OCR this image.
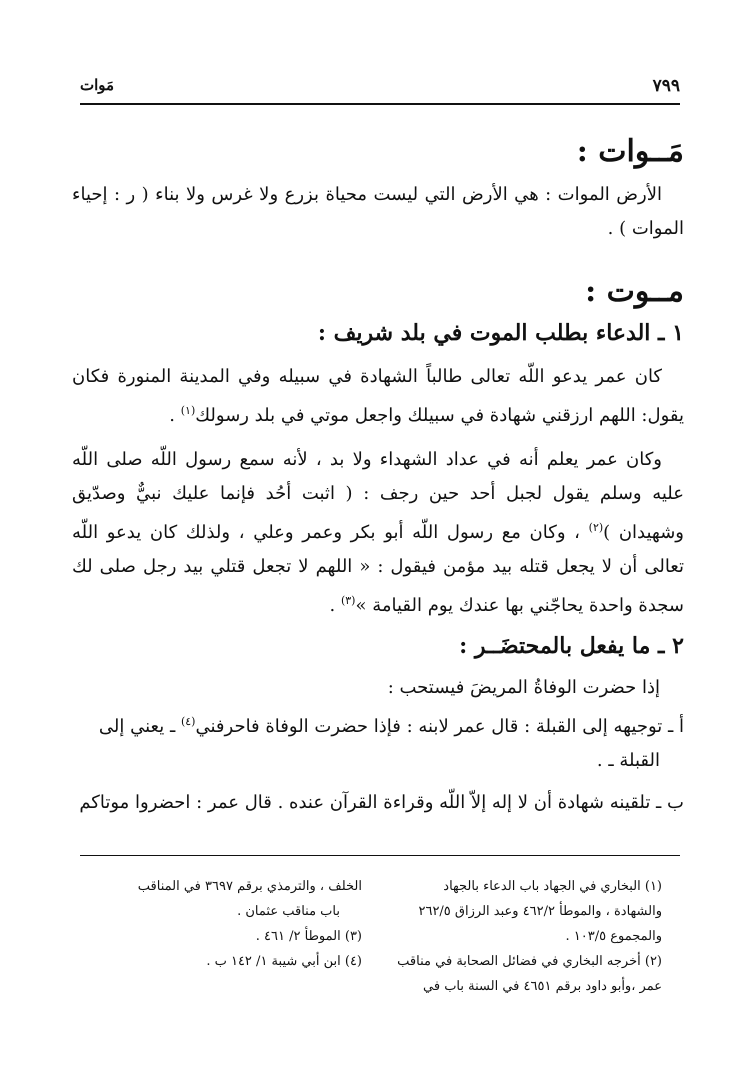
٧٩٩
مَوات
مَــوات :

الأرض الموات : هي الأرض التي ليست محياة بزرع ولا غرس ولا بناء ( ر : إحياء الموات ) .

مــوت :
١ ـ الدعاء بطلب الموت في بلد شريف :

كان عمر يدعو اللّه تعالى طالباً الشهادة في سبيله وفي المدينة المنورة فكان يقول: اللهم ارزقني شهادة في سبيلك واجعل موتي في بلد رسولك$^{(١)}$ .

وكان عمر يعلم أنه في عداد الشهداء ولا بد ، لأنه سمع رسول اللّه صلى اللّه عليه وسلم يقول لجبل أحد حين رجف : ( اثبت أحُد فإنما عليك نبيٌّ وصدّيق وشهيدان )$^{(٢)}$ ، وكان مع رسول اللّه أبو بكر وعمر وعلي ، ولذلك كان يدعو اللّه تعالى أن لا يجعل قتله بيد مؤمن فيقول : « اللهم لا تجعل قتلي بيد رجل صلى لك سجدة واحدة يحاجّني بها عندك يوم القيامة »$^{(٣)}$ .

٢ ـ ما يفعل بالمحتضَــر :

إذا حضرت الوفاةُ المريضَ فيستحب :

أ ـ توجيهه إلى القبلة : قال عمر لابنه : فإذا حضرت الوفاة فاحرفني$^{(٤)}$ ـ يعني إلى القبلة ـ .

ب ـ تلقينه شهادة أن لا إله إلاّ اللّه وقراءة القرآن عنده . قال عمر : احضروا موتاكم

(١) البخاري في الجهاد باب الدعاء بالجهاد والشهادة ، والموطأ ٤٦٢/٢ وعبد الرزاق ٢٦٢/٥ والمجموع ١٠٣/٥ .

(٢) أخرجه البخاري في فضائل الصحابة في مناقب عمر ،وأبو داود برقم ٤٦٥١ في السنة باب في

الخلف ، والترمذي برقم ٣٦٩٧ في المناقب

باب مناقب عثمان .

(٣) الموطأ ٢/ ٤٦١ .

(٤) ابن أبي شيبة ١/ ١٤٢ ب .
